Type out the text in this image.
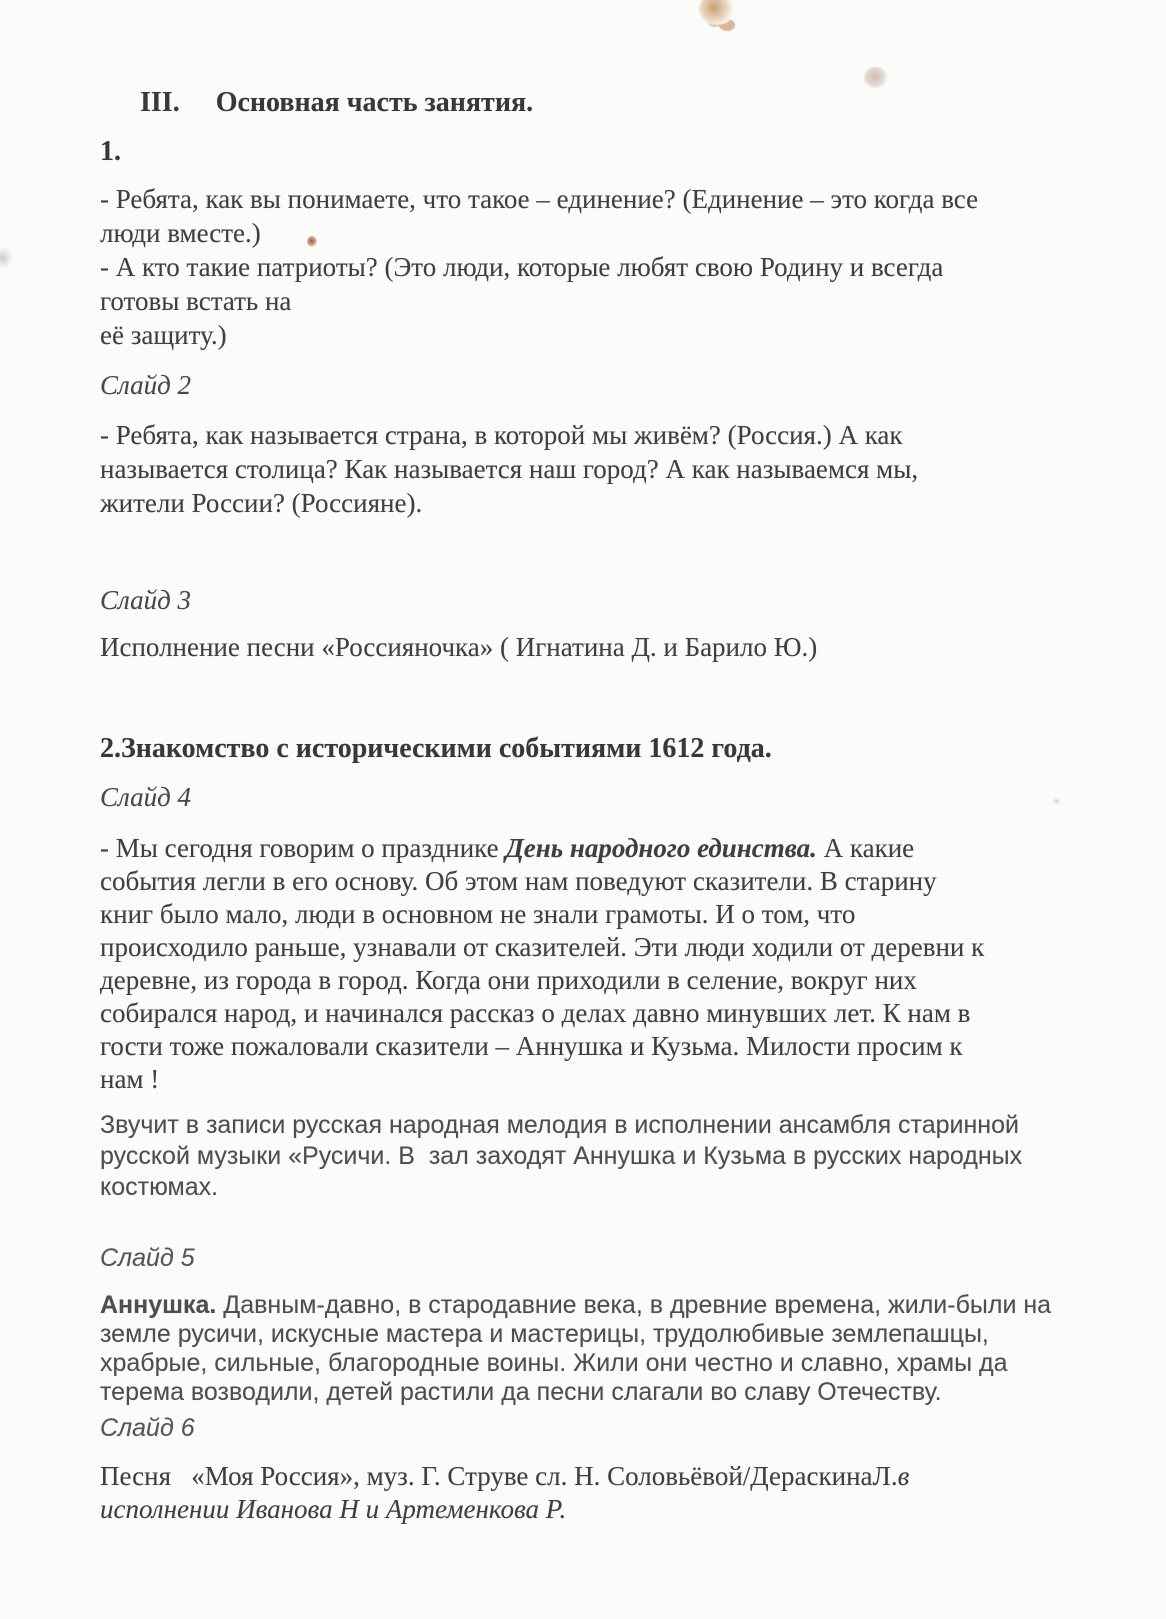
III. Основная часть занятия.
1.
- Ребята, как вы понимаете, что такое – единение? (Единение – это когда все
люди вместе.)
- А кто такие патриоты? (Это люди, которые любят свою Родину и всегда
готовы встать на
её защиту.)
Слайд 2
- Ребята, как называется страна, в которой мы живём? (Россия.) А как
называется столица? Как называется наш город? А как называемся мы,
жители России? (Россияне).
Слайд 3
Исполнение песни «Россияночка» ( Игнатина Д. и Барило Ю.)
2.Знакомство с историческими событиями 1612 года.
Слайд 4
- Мы сегодня говорим о празднике День народного единства. А какие
события легли в его основу. Об этом нам поведуют сказители. В старину
книг было мало, люди в основном не знали грамоты. И о том, что
происходило раньше, узнавали от сказителей. Эти люди ходили от деревни к
деревне, из города в город. Когда они приходили в селение, вокруг них
собирался народ, и начинался рассказ о делах давно минувших лет. К нам в
гости тоже пожаловали сказители – Аннушка и Кузьма. Милости просим к
нам !
Звучит в записи русская народная мелодия в исполнении ансамбля старинной
русской музыки «Русичи. В  зал заходят Аннушка и Кузьма в русских народных
костюмах.
Слайд 5
Аннушка. Давным-давно, в стародавние века, в древние времена, жили-были на
земле русичи, искусные мастера и мастерицы, трудолюбивые землепашцы,
храбрые, сильные, благородные воины. Жили они честно и славно, храмы да
терема возводили, детей растили да песни слагали во славу Отечеству.
Слайд 6
Песня   «Моя Россия», муз. Г. Струве сл. Н. Соловьёвой/ДераскинаЛ.в
исполнении Иванова Н и Артеменкова Р.
